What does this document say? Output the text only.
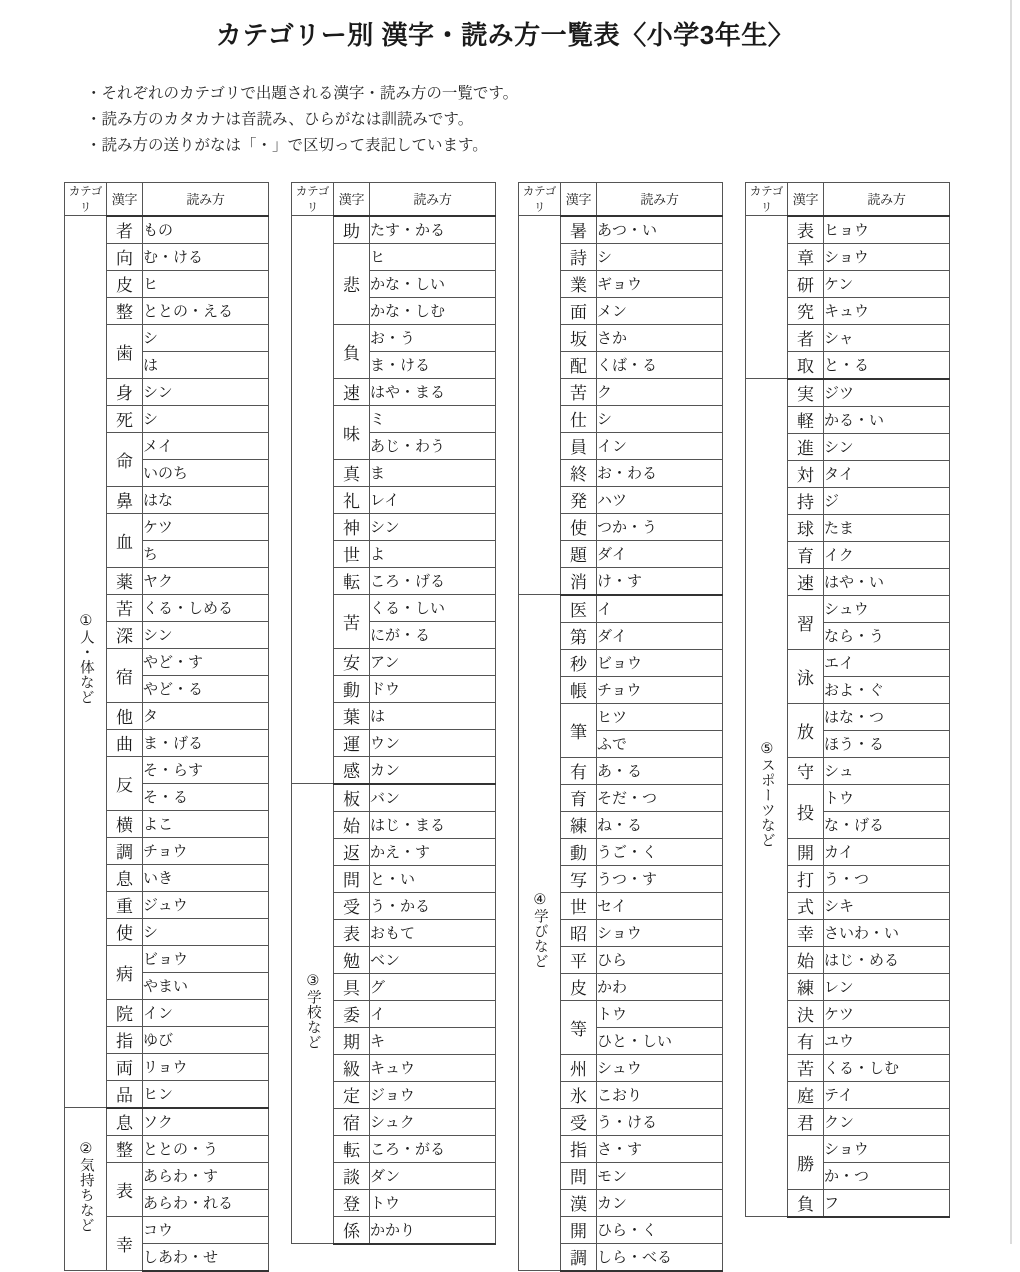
カテゴリー別 漢字・読み方一覧表〈小学3年生〉
・それぞれのカテゴリで出題される漢字・読み方の一覧です。
・読み方のカタカナは音読み、ひらがなは訓読みです。
・読み方の送りがなは「・」で区切って表記しています。
カテゴリ	漢字	読み方
①人・体など	者	もの
	向	む・ける
	皮	ヒ
	整	ととの・える
	歯	シ
		は
	身	シン
	死	シ
	命	メイ
		いのち
	鼻	はな
	血	ケツ
		ち
	薬	ヤク
	苦	くる・しめる
	深	シン
	宿	やど・す
		やど・る
	他	タ
	曲	ま・げる
	反	そ・らす
		そ・る
	横	よこ
	調	チョウ
	息	いき
	重	ジュウ
	使	シ
	病	ビョウ
		やまい
	院	イン
	指	ゆび
	両	リョウ
	品	ヒン
②気持ちなど	息	ソク
	整	ととの・う
	表	あらわ・す
		あらわ・れる
	幸	コウ
		しあわ・せ
カテゴリ	漢字	読み方
	助	たす・かる
	悲	ヒ
		かな・しい
		かな・しむ
	負	お・う
		ま・ける
	速	はや・まる
	味	ミ
		あじ・わう
	真	ま
	礼	レイ
	神	シン
	世	よ
	転	ころ・げる
	苦	くる・しい
		にが・る
	安	アン
	動	ドウ
	葉	は
	運	ウン
	感	カン
③学校など	板	バン
	始	はじ・まる
	返	かえ・す
	問	と・い
	受	う・かる
	表	おもて
	勉	ベン
	具	グ
	委	イ
	期	キ
	級	キュウ
	定	ジョウ
	宿	シュク
	転	ころ・がる
	談	ダン
	登	トウ
	係	かかり
カテゴリ	漢字	読み方
	暑	あつ・い
	詩	シ
	業	ギョウ
	面	メン
	坂	さか
	配	くば・る
	苦	ク
	仕	シ
	員	イン
	終	お・わる
	発	ハツ
	使	つか・う
	題	ダイ
	消	け・す
④学びなど	医	イ
	第	ダイ
	秒	ビョウ
	帳	チョウ
	筆	ヒツ
		ふで
	有	あ・る
	育	そだ・つ
	練	ね・る
	動	うご・く
	写	うつ・す
	世	セイ
	昭	ショウ
	平	ひら
	皮	かわ
	等	トウ
		ひと・しい
	州	シュウ
	氷	こおり
	受	う・ける
	指	さ・す
	問	モン
	漢	カン
	開	ひら・く
	調	しら・べる
カテゴリ	漢字	読み方
	表	ヒョウ
	章	ショウ
	研	ケン
	究	キュウ
	者	シャ
	取	と・る
⑤スポーツなど	実	ジツ
	軽	かる・い
	進	シン
	対	タイ
	持	ジ
	球	たま
	育	イク
	速	はや・い
	習	シュウ
		なら・う
	泳	エイ
		およ・ぐ
	放	はな・つ
		ほう・る
	守	シュ
	投	トウ
		な・げる
	開	カイ
	打	う・つ
	式	シキ
	幸	さいわ・い
	始	はじ・める
	練	レン
	決	ケツ
	有	ユウ
	苦	くる・しむ
	庭	テイ
	君	クン
	勝	ショウ
		か・つ
	負	フ
